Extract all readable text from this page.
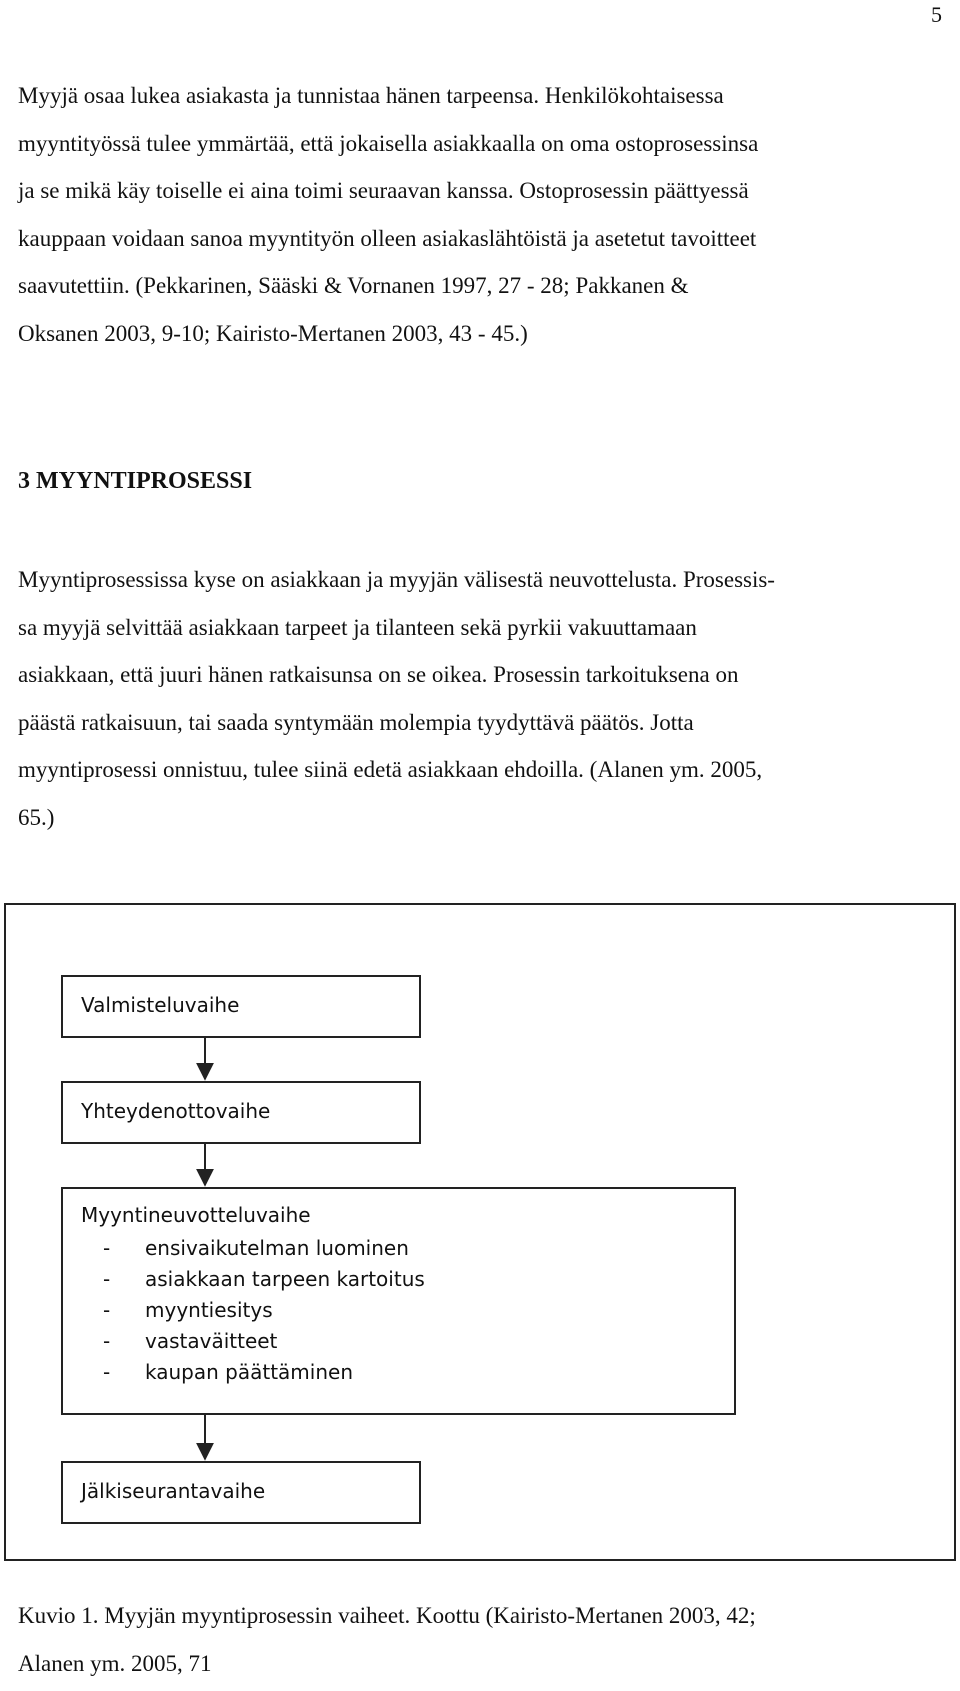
5

Myyjä osaa lukea asiakasta ja tunnistaa hänen tarpeensa. Henkilökohtaisessa
myyntityössä tulee ymmärtää, että jokaisella asiakkaalla on oma ostoprosessinsa
ja se mikä käy toiselle ei aina toimi seuraavan kanssa. Ostoprosessin päättyessä
kauppaan voidaan sanoa myyntityön olleen asiakaslähtöistä ja asetetut tavoitteet
saavutettiin. (Pekkarinen, Sääski & Vornanen 1997, 27 - 28; Pakkanen &
Oksanen 2003, 9-10; Kairisto-Mertanen 2003, 43 - 45.)

3 MYYNTIPROSESSI

Myyntiprosessissa kyse on asiakkaan ja myyjän välisestä neuvottelusta. Prosessis-
sa myyjä selvittää asiakkaan tarpeet ja tilanteen sekä pyrkii vakuuttamaan
asiakkaan, että juuri hänen ratkaisunsa on se oikea. Prosessin tarkoituksena on
päästä ratkaisuun, tai saada syntymään molempia tyydyttävä päätös. Jotta
myyntiprosessi onnistuu, tulee siinä edetä asiakkaan ehdoilla. (Alanen ym. 2005,
65.)

Valmisteluvaihe
Yhteydenottovaihe
Myyntineuvotteluvaihe
- ensivaikutelman luominen
- asiakkaan tarpeen kartoitus
- myyntiesitys
- vastaväitteet
- kaupan päättäminen
Jälkiseurantavaihe

Kuvio 1. Myyjän myyntiprosessin vaiheet. Koottu (Kairisto-Mertanen 2003, 42;
Alanen ym. 2005, 71
